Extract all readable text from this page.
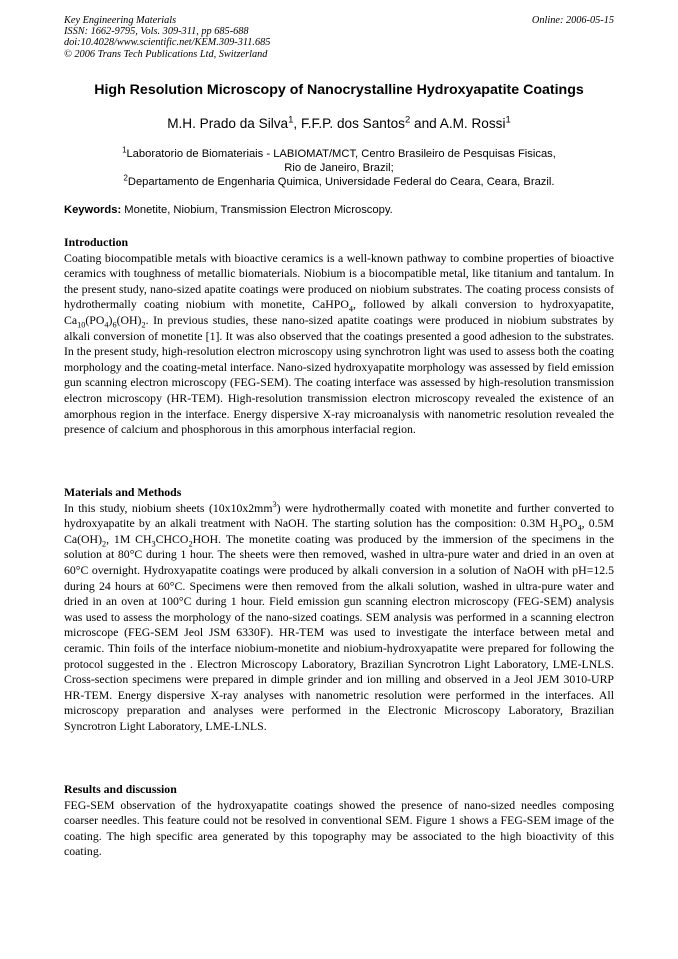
Key Engineering Materials
ISSN: 1662-9795, Vols. 309-311, pp 685-688
doi:10.4028/www.scientific.net/KEM.309-311.685
© 2006 Trans Tech Publications Ltd, Switzerland
Online: 2006-05-15
High Resolution Microscopy of Nanocrystalline Hydroxyapatite Coatings
M.H. Prado da Silva$^1$, F.F.P. dos Santos$^2$ and A.M. Rossi$^1$
$^1$Laboratorio de Biomateriais - LABIOMAT/MCT, Centro Brasileiro de Pesquisas Fisicas,
Rio de Janeiro, Brazil;
$^2$Departamento de Engenharia Quimica, Universidade Federal do Ceara, Ceara, Brazil.
Keywords: Monetite, Niobium, Transmission Electron Microscopy.
Introduction

Coating biocompatible metals with bioactive ceramics is a well-known pathway to combine properties of bioactive ceramics with toughness of metallic biomaterials. Niobium is a biocompatible metal, like titanium and tantalum. In the present study, nano-sized apatite coatings were produced on niobium substrates. The coating process consists of hydrothermally coating niobium with monetite, CaHPO$_4$, followed by alkali conversion to hydroxyapatite, $Ca_{10}(PO_4)_6(OH)_2$. In previous studies, these nano-sized apatite coatings were produced in niobium substrates by alkali conversion of monetite [1]. It was also observed that the coatings presented a good adhesion to the substrates. In the present study, high-resolution electron microscopy using synchrotron light was used to assess both the coating morphology and the coating-metal interface. Nano-sized hydroxyapatite morphology was assessed by field emission gun scanning electron microscopy (FEG-SEM). The coating interface was assessed by high-resolution transmission electron microscopy (HR-TEM). High-resolution transmission electron microscopy revealed the existence of an amorphous region in the interface. Energy dispersive X-ray microanalysis with nanometric resolution revealed the presence of calcium and phosphorous in this amorphous interfacial region.

Materials and Methods

In this study, niobium sheets $(10x10x2mm^3)$ were hydrothermally coated with monetite and further converted to hydroxyapatite by an alkali treatment with NaOH. The starting solution has the composition: 0.3M $H_3PO_4$, 0.5M $Ca(OH)_2$, 1M $CH_3CHCO_2HOH$. The monetite coating was produced by the immersion of the specimens in the solution at 80°C during 1 hour. The sheets were then removed, washed in ultra-pure water and dried in an oven at 60°C overnight. Hydroxyapatite coatings were produced by alkali conversion in a solution of NaOH with pH=12.5 during 24 hours at 60°C. Specimens were then removed from the alkali solution, washed in ultra-pure water and dried in an oven at 100°C during 1 hour. Field emission gun scanning electron microscopy (FEG-SEM) analysis was used to assess the morphology of the nano-sized coatings. SEM analysis was performed in a scanning electron microscope (FEG-SEM Jeol JSM 6330F). HR-TEM was used to investigate the interface between metal and ceramic. Thin foils of the interface niobium-monetite and niobium-hydroxyapatite were prepared for following the protocol suggested in the . Electron Microscopy Laboratory, Brazilian Syncrotron Light Laboratory, LME-LNLS. Cross-section specimens were prepared in dimple grinder and ion milling and observed in a Jeol JEM 3010-URP HR-TEM. Energy dispersive X-ray analyses with nanometric resolution were performed in the interfaces. All microscopy preparation and analyses were performed in the Electronic Microscopy Laboratory, Brazilian Syncrotron Light Laboratory, LME-LNLS.

Results and discussion

FEG-SEM observation of the hydroxyapatite coatings showed the presence of nano-sized needles composing coarser needles. This feature could not be resolved in conventional SEM. Figure 1 shows a FEG-SEM image of the coating. The high specific area generated by this topography may be associated to the high bioactivity of this coating.
